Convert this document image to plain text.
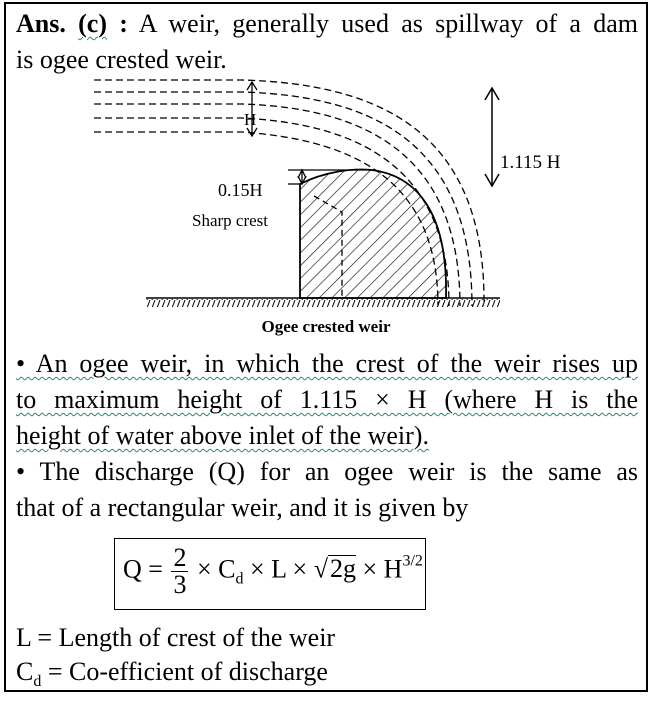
Ans. (c) : A weir, generally used as spillway of a dam

is ogee crested weir.

H
1.115 H
0.15H
Sharp crest
Ogee crested weir

• An ogee weir, in which the crest of the weir rises up

to maximum height of 1.115 × H (where H is the

height of water above inlet of the weir).

• The discharge (Q) for an ogee weir is the same as

that of a rectangular weir, and it is given by

$Q = \frac{2}{3} \times C_d \times L \times √2g \times H^{3/2}$

L = Length of crest of the weir

$C_d$ = Co-efficient of discharge
